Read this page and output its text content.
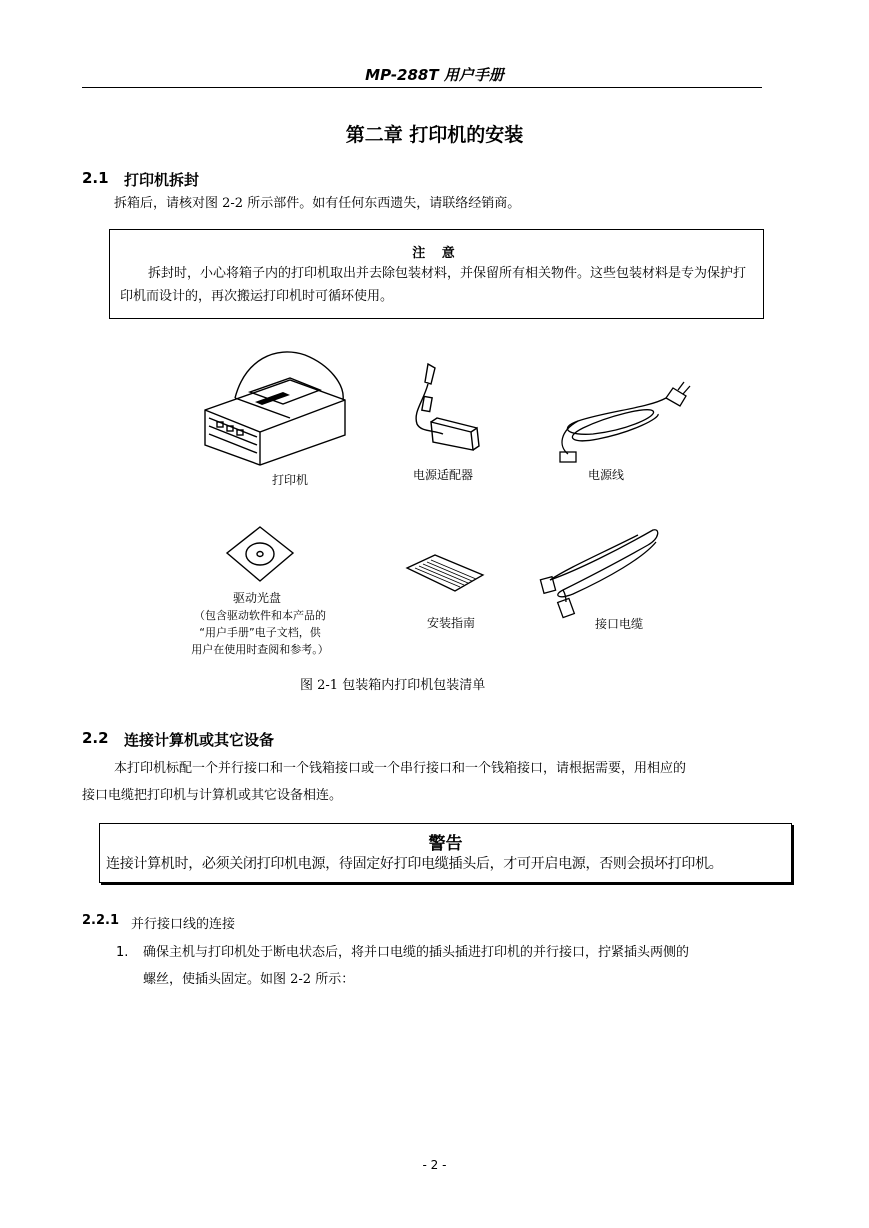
MP-288T 用户手册
第二章 打印机的安装
2.1 打印机拆封
拆箱后，请核对图 2-2 所示部件。如有任何东西遗失，请联络经销商。
注 意
拆封时，小心将箱子内的打印机取出并去除包装材料，并保留所有相关物件。这些包装材料是专为保护打印机而设计的，再次搬运打印机时可循环使用。
打印机	电源适配器	电源线
驱动光盘
（包含驱动软件和本产品的
“用户手册”电子文档，供
用户在使用时查阅和参考。）
安装指南	接口电缆
图 2-1 包装箱内打印机包装清单
2.2 连接计算机或其它设备
本打印机标配一个并行接口和一个钱箱接口或一个串行接口和一个钱箱接口，请根据需要，用相应的
接口电缆把打印机与计算机或其它设备相连。
警告
连接计算机时，必须关闭打印机电源，待固定好打印电缆插头后，才可开启电源，否则会损坏打印机。
2.2.1 并行接口线的连接
1. 确保主机与打印机处于断电状态后，将并口电缆的插头插进打印机的并行接口，拧紧插头两侧的
螺丝，使插头固定。如图 2-2 所示：
- 2 -
